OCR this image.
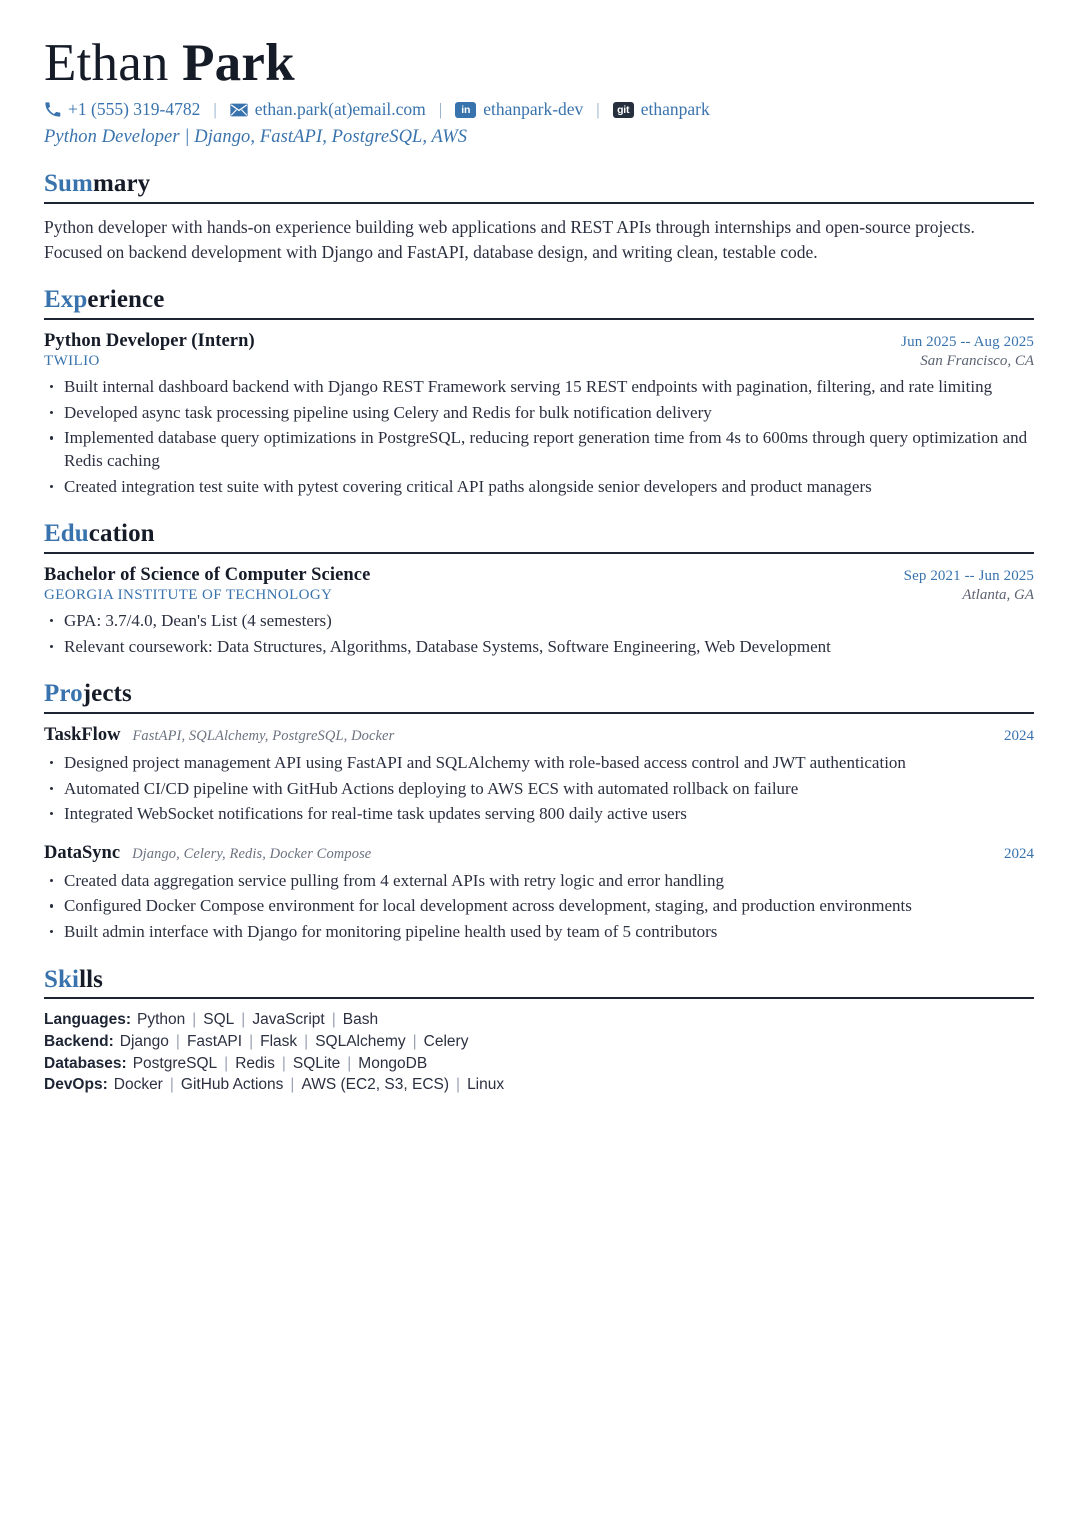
Ethan Park
+1 (555) 319-4782 |	ethan.park(at)email.com |	in ethanpark-dev |	git ethanpark
Python Developer | Django, FastAPI, PostgreSQL, AWS
Summary

Python developer with hands-on experience building web applications and REST APIs through internships and open-source projects. Focused on backend development with Django and FastAPI, database design, and writing clean, testable code.

Experience
Python Developer (Intern)	Jun 2025 -- Aug 2025
TWILIO	San Francisco, CA
Built internal dashboard backend with Django REST Framework serving 15 REST endpoints with pagination, filtering, and rate limiting
Developed async task processing pipeline using Celery and Redis for bulk notification delivery
Implemented database query optimizations in PostgreSQL, reducing report generation time from 4s to 600ms through query optimization and Redis caching
Created integration test suite with pytest covering critical API paths alongside senior developers and product managers
Education
Bachelor of Science of Computer Science	Sep 2021 -- Jun 2025
GEORGIA INSTITUTE OF TECHNOLOGY	Atlanta, GA
GPA: 3.7/4.0, Dean's List (4 semesters)
Relevant coursework: Data Structures, Algorithms, Database Systems, Software Engineering, Web Development
Projects
TaskFlow FastAPI, SQLAlchemy, PostgreSQL, Docker	2024
Designed project management API using FastAPI and SQLAlchemy with role-based access control and JWT authentication
Automated CI/CD pipeline with GitHub Actions deploying to AWS ECS with automated rollback on failure
Integrated WebSocket notifications for real-time task updates serving 800 daily active users
DataSync Django, Celery, Redis, Docker Compose	2024
Created data aggregation service pulling from 4 external APIs with retry logic and error handling
Configured Docker Compose environment for local development across development, staging, and production environments
Built admin interface with Django for monitoring pipeline health used by team of 5 contributors
Skills
Languages: Python | SQL | JavaScript | Bash
Backend: Django | FastAPI | Flask | SQLAlchemy | Celery
Databases: PostgreSQL | Redis | SQLite | MongoDB
DevOps: Docker | GitHub Actions | AWS (EC2, S3, ECS) | Linux
